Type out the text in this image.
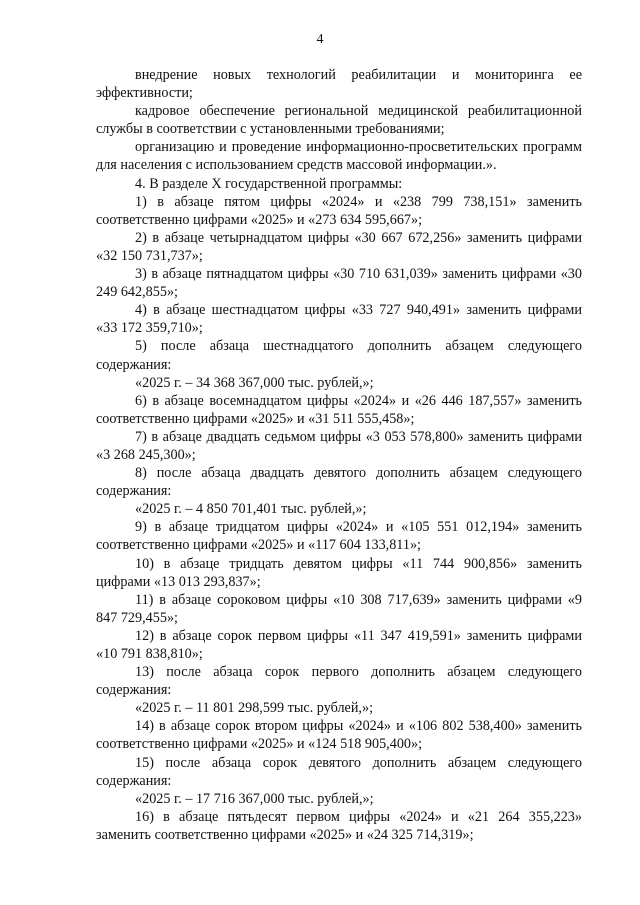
4

внедрение новых технологий реабилитации и мониторинга ее эффективности;

кадровое обеспечение региональной медицинской реабилитационной службы в соответствии с установленными требованиями;

организацию и проведение информационно-просветительских программ для населения с использованием средств массовой информации.».

4. В разделе X государственной программы:

1) в абзаце пятом цифры «2024» и «238 799 738,151» заменить соответственно цифрами «2025» и «273 634 595,667»;

2) в абзаце четырнадцатом цифры «30 667 672,256» заменить цифрами «32 150 731,737»;

3) в абзаце пятнадцатом цифры «30 710 631,039» заменить цифрами «30 249 642,855»;

4) в абзаце шестнадцатом цифры «33 727 940,491» заменить цифрами «33 172 359,710»;

5) после абзаца шестнадцатого дополнить абзацем следующего содержания:

«2025 г. – 34 368 367,000 тыс. рублей,»;

6) в абзаце восемнадцатом цифры «2024» и «26 446 187,557» заменить соответственно цифрами «2025» и «31 511 555,458»;

7) в абзаце двадцать седьмом цифры «3 053 578,800» заменить цифрами «3 268 245,300»;

8) после абзаца двадцать девятого дополнить абзацем следующего содержания:

«2025 г. – 4 850 701,401 тыс. рублей,»;

9) в абзаце тридцатом цифры «2024» и «105 551 012,194» заменить соответственно цифрами «2025» и «117 604 133,811»;

10) в абзаце тридцать девятом цифры «11 744 900,856» заменить цифрами «13 013 293,837»;

11) в абзаце сороковом цифры «10 308 717,639» заменить цифрами «9 847 729,455»;

12) в абзаце сорок первом цифры «11 347 419,591» заменить цифрами «10 791 838,810»;

13) после абзаца сорок первого дополнить абзацем следующего содержания:

«2025 г. – 11 801 298,599 тыс. рублей,»;

14) в абзаце сорок втором цифры «2024» и «106 802 538,400» заменить соответственно цифрами «2025» и «124 518 905,400»;

15) после абзаца сорок девятого дополнить абзацем следующего содержания:

«2025 г. – 17 716 367,000 тыс. рублей,»;

16) в абзаце пятьдесят первом цифры «2024» и «21 264 355,223» заменить соответственно цифрами «2025» и «24 325 714,319»;
